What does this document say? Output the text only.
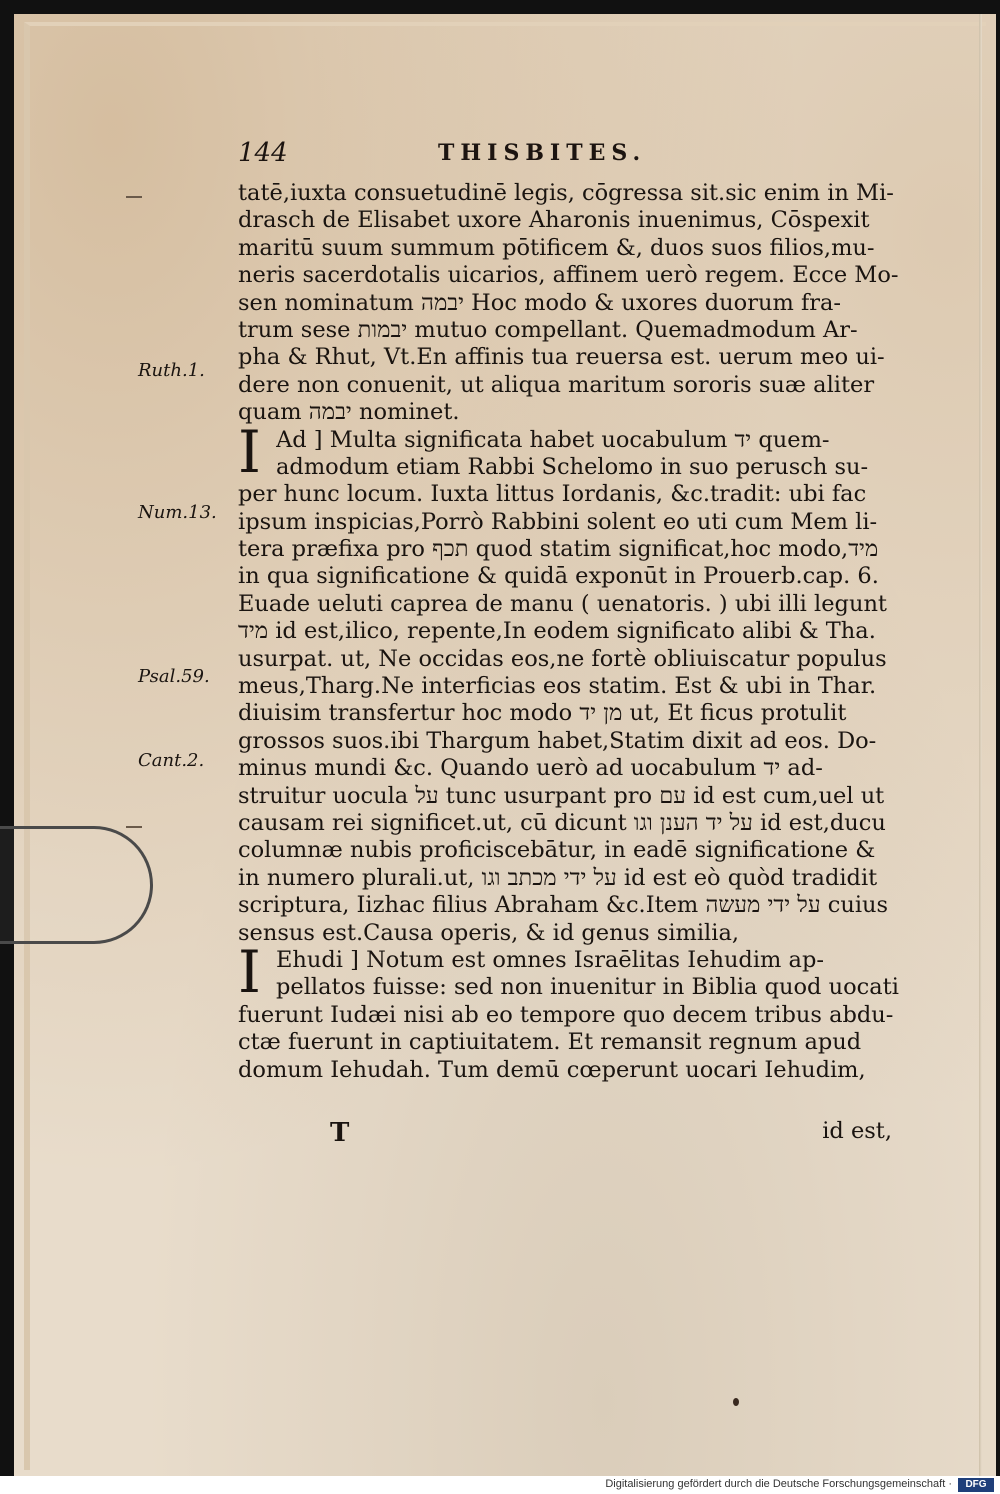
144	THISBITES.
tatē,iuxta consuetudinē legis, cōgressa sit.sic enim in Mi-
drasch de Elisabet uxore Aharonis inuenimus, Cōspexit
maritū suum summum pōtificem &, duos suos filios,mu-
neris sacerdotalis uicarios, affinem uerò regem. Ecce Mo-
sen nominatum יבמה Hoc modo & uxores duorum fra-
trum sese יבמות mutuo compellant. Quemadmodum Ar-
pha & Rhut, Vt.En affinis tua reuersa est. uerum meo ui-
dere non conuenit, ut aliqua maritum sororis suæ aliter
quam יבמה nominet.
I Ad ] Multa significata habet uocabulum יד quem-
admodum etiam Rabbi Schelomo in suo perusch su-
per hunc locum. Iuxta littus Iordanis, &c.tradit: ubi fac
ipsum inspicias,Porrò Rabbini solent eo uti cum Mem li-
tera præfixa pro תכף quod statim significat,hoc modo,מיד
in qua significatione & quidā exponūt in Prouerb.cap. 6.
Euade ueluti caprea de manu ( uenatoris. ) ubi illi legunt
מיד id est,ilico, repente,In eodem significato alibi & Tha.
usurpat. ut, Ne occidas eos,ne fortè obliuiscatur populus
meus,Tharg.Ne interficias eos statim. Est & ubi in Thar.
diuisim transfertur hoc modo מן יד ut, Et ficus protulit
grossos suos.ibi Thargum habet,Statim dixit ad eos. Do-
minus mundi &c. Quando uerò ad uocabulum יד ad-
struitur uocula על tunc usurpant pro עם id est cum,uel ut
causam rei significet.ut, cū dicunt על יד הענן וגו id est,ducu
columnæ nubis proficiscebātur, in eadē significatione &
in numero plurali.ut, על ידי מכתב וגו id est eò quòd tradidit
scriptura, Iizhac filius Abraham &c.Item על ידי מעשה cuius
sensus est.Causa operis, & id genus similia,
I Ehudi ] Notum est omnes Israēlitas Iehudim ap-
pellatos fuisse: sed non inuenitur in Biblia quod uocati
fuerunt Iudæi nisi ab eo tempore quo decem tribus abdu-
ctæ fuerunt in captiuitatem. Et remansit regnum apud
domum Iehudah. Tum demū cœperunt uocari Iehudim,
Ruth.1.
Num.13.
Psal.59.
Cant.2.
T	id est,
Digitalisierung gefördert durch die Deutsche Forschungsgemeinschaft ·	DFG
